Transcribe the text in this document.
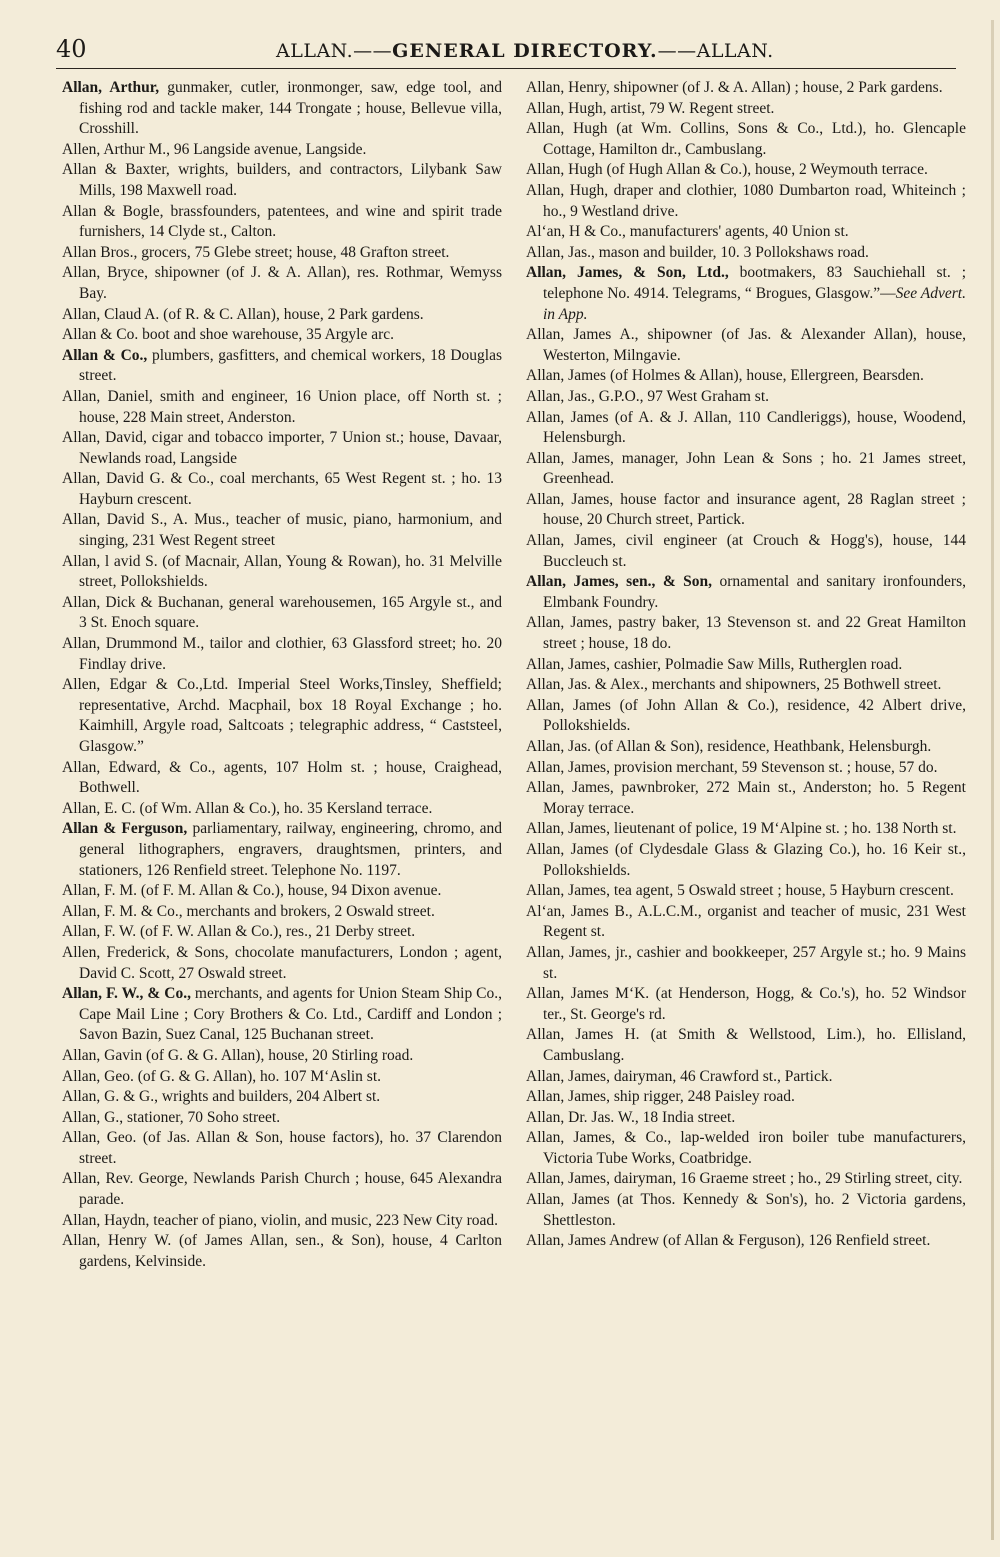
40	ALLAN.——GENERAL DIRECTORY.——ALLAN.

Allan, Arthur, gunmaker, cutler, ironmonger, saw, edge tool, and fishing rod and tackle maker, 144 Trongate ; house, Bellevue villa, Crosshill.

Allen, Arthur M., 96 Langside avenue, Langside.

Allan & Baxter, wrights, builders, and contractors, Lilybank Saw Mills, 198 Maxwell road.

Allan & Bogle, brassfounders, patentees, and wine and spirit trade furnishers, 14 Clyde st., Calton.

Allan Bros., grocers, 75 Glebe street; house, 48 Grafton street.

Allan, Bryce, shipowner (of J. & A. Allan), res. Rothmar, Wemyss Bay.

Allan, Claud A. (of R. & C. Allan), house, 2 Park gardens.

Allan & Co. boot and shoe warehouse, 35 Argyle arc.

Allan & Co., plumbers, gasfitters, and chemical workers, 18 Douglas street.

Allan, Daniel, smith and engineer, 16 Union place, off North st. ; house, 228 Main street, Anderston.

Allan, David, cigar and tobacco importer, 7 Union st.; house, Davaar, Newlands road, Langside

Allan, David G. & Co., coal merchants, 65 West Regent st. ; ho. 13 Hayburn crescent.

Allan, David S., A. Mus., teacher of music, piano, harmonium, and singing, 231 West Regent street

Allan, l avid S. (of Macnair, Allan, Young & Rowan), ho. 31 Melville street, Pollokshields.

Allan, Dick & Buchanan, general warehousemen, 165 Argyle st., and 3 St. Enoch square.

Allan, Drummond M., tailor and clothier, 63 Glassford street; ho. 20 Findlay drive.

Allen, Edgar & Co.,Ltd. Imperial Steel Works,Tinsley, Sheffield; representative, Archd. Macphail, box 18 Royal Exchange ; ho. Kaimhill, Argyle road, Saltcoats ; telegraphic address, “ Caststeel, Glasgow.”

Allan, Edward, & Co., agents, 107 Holm st. ; house, Craighead, Bothwell.

Allan, E. C. (of Wm. Allan & Co.), ho. 35 Kersland terrace.

Allan & Ferguson, parliamentary, railway, engineering, chromo, and general lithographers, engravers, draughtsmen, printers, and stationers, 126 Renfield street. Telephone No. 1197.

Allan, F. M. (of F. M. Allan & Co.), house, 94 Dixon avenue.

Allan, F. M. & Co., merchants and brokers, 2 Oswald street.

Allan, F. W. (of F. W. Allan & Co.), res., 21 Derby street.

Allen, Frederick, & Sons, chocolate manufacturers, London ; agent, David C. Scott, 27 Oswald street.

Allan, F. W., & Co., merchants, and agents for Union Steam Ship Co., Cape Mail Line ; Cory Brothers & Co. Ltd., Cardiff and London ; Savon Bazin, Suez Canal, 125 Buchanan street.

Allan, Gavin (of G. & G. Allan), house, 20 Stirling road.

Allan, Geo. (of G. & G. Allan), ho. 107 M‘Aslin st.

Allan, G. & G., wrights and builders, 204 Albert st.

Allan, G., stationer, 70 Soho street.

Allan, Geo. (of Jas. Allan & Son, house factors), ho. 37 Clarendon street.

Allan, Rev. George, Newlands Parish Church ; house, 645 Alexandra parade.

Allan, Haydn, teacher of piano, violin, and music, 223 New City road.

Allan, Henry W. (of James Allan, sen., & Son), house, 4 Carlton gardens, Kelvinside.

Allan, Henry, shipowner (of J. & A. Allan) ; house, 2 Park gardens.

Allan, Hugh, artist, 79 W. Regent street.

Allan, Hugh (at Wm. Collins, Sons & Co., Ltd.), ho. Glencaple Cottage, Hamilton dr., Cambuslang.

Allan, Hugh (of Hugh Allan & Co.), house, 2 Weymouth terrace.

Allan, Hugh, draper and clothier, 1080 Dumbarton road, Whiteinch ; ho., 9 Westland drive.

Al‘an, H & Co., manufacturers' agents, 40 Union st.

Allan, Jas., mason and builder, 10. 3 Pollokshaws road.

Allan, James, & Son, Ltd., bootmakers, 83 Sauchiehall st. ; telephone No. 4914. Telegrams, “ Brogues, Glasgow.”—See Advert. in App.

Allan, James A., shipowner (of Jas. & Alexander Allan), house, Westerton, Milngavie.

Allan, James (of Holmes & Allan), house, Ellergreen, Bearsden.

Allan, Jas., G.P.O., 97 West Graham st.

Allan, James (of A. & J. Allan, 110 Candleriggs), house, Woodend, Helensburgh.

Allan, James, manager, John Lean & Sons ; ho. 21 James street, Greenhead.

Allan, James, house factor and insurance agent, 28 Raglan street ; house, 20 Church street, Partick.

Allan, James, civil engineer (at Crouch & Hogg's), house, 144 Buccleuch st.

Allan, James, sen., & Son, ornamental and sanitary ironfounders, Elmbank Foundry.

Allan, James, pastry baker, 13 Stevenson st. and 22 Great Hamilton street ; house, 18 do.

Allan, James, cashier, Polmadie Saw Mills, Rutherglen road.

Allan, Jas. & Alex., merchants and shipowners, 25 Bothwell street.

Allan, James (of John Allan & Co.), residence, 42 Albert drive, Pollokshields.

Allan, Jas. (of Allan & Son), residence, Heathbank, Helensburgh.

Allan, James, provision merchant, 59 Stevenson st. ; house, 57 do.

Allan, James, pawnbroker, 272 Main st., Anderston; ho. 5 Regent Moray terrace.

Allan, James, lieutenant of police, 19 M‘Alpine st. ; ho. 138 North st.

Allan, James (of Clydesdale Glass & Glazing Co.), ho. 16 Keir st., Pollokshields.

Allan, James, tea agent, 5 Oswald street ; house, 5 Hayburn crescent.

Al‘an, James B., A.L.C.M., organist and teacher of music, 231 West Regent st.

Allan, James, jr., cashier and bookkeeper, 257 Argyle st.; ho. 9 Mains st.

Allan, James M‘K. (at Henderson, Hogg, & Co.'s), ho. 52 Windsor ter., St. George's rd.

Allan, James H. (at Smith & Wellstood, Lim.), ho. Ellisland, Cambuslang.

Allan, James, dairyman, 46 Crawford st., Partick.

Allan, James, ship rigger, 248 Paisley road.

Allan, Dr. Jas. W., 18 India street.

Allan, James, & Co., lap-welded iron boiler tube manufacturers, Victoria Tube Works, Coatbridge.

Allan, James, dairyman, 16 Graeme street ; ho., 29 Stirling street, city.

Allan, James (at Thos. Kennedy & Son's), ho. 2 Victoria gardens, Shettleston.

Allan, James Andrew (of Allan & Ferguson), 126 Renfield street.
